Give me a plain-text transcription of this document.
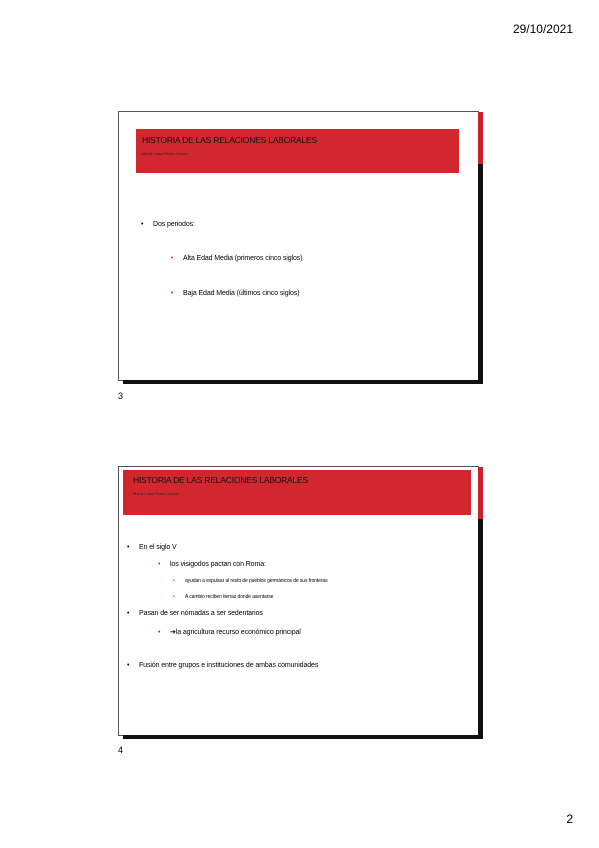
29/10/2021
HISTORIA DE LAS RELACIONES LABORALES
María Luisa Pérez García
• Dos periodos:
• Alta Edad Media (primeros cinco siglos)
• Baja Edad Media (últimos cinco siglos)
3
HISTORIA DE LAS RELACIONES LABORALES
María Luisa Pérez García
• En el siglo V
• los visigodos pactan con Roma:
• ayudan a expulsar al resto de pueblos germánicos de sus fronteras
• A cambio reciben tierras donde asentarse
• Pasan de ser nómadas a ser sedentarios
• ➔la agricultura recurso económico principal
• Fusión entre grupos e instituciones de ambas comunidades
4
2
